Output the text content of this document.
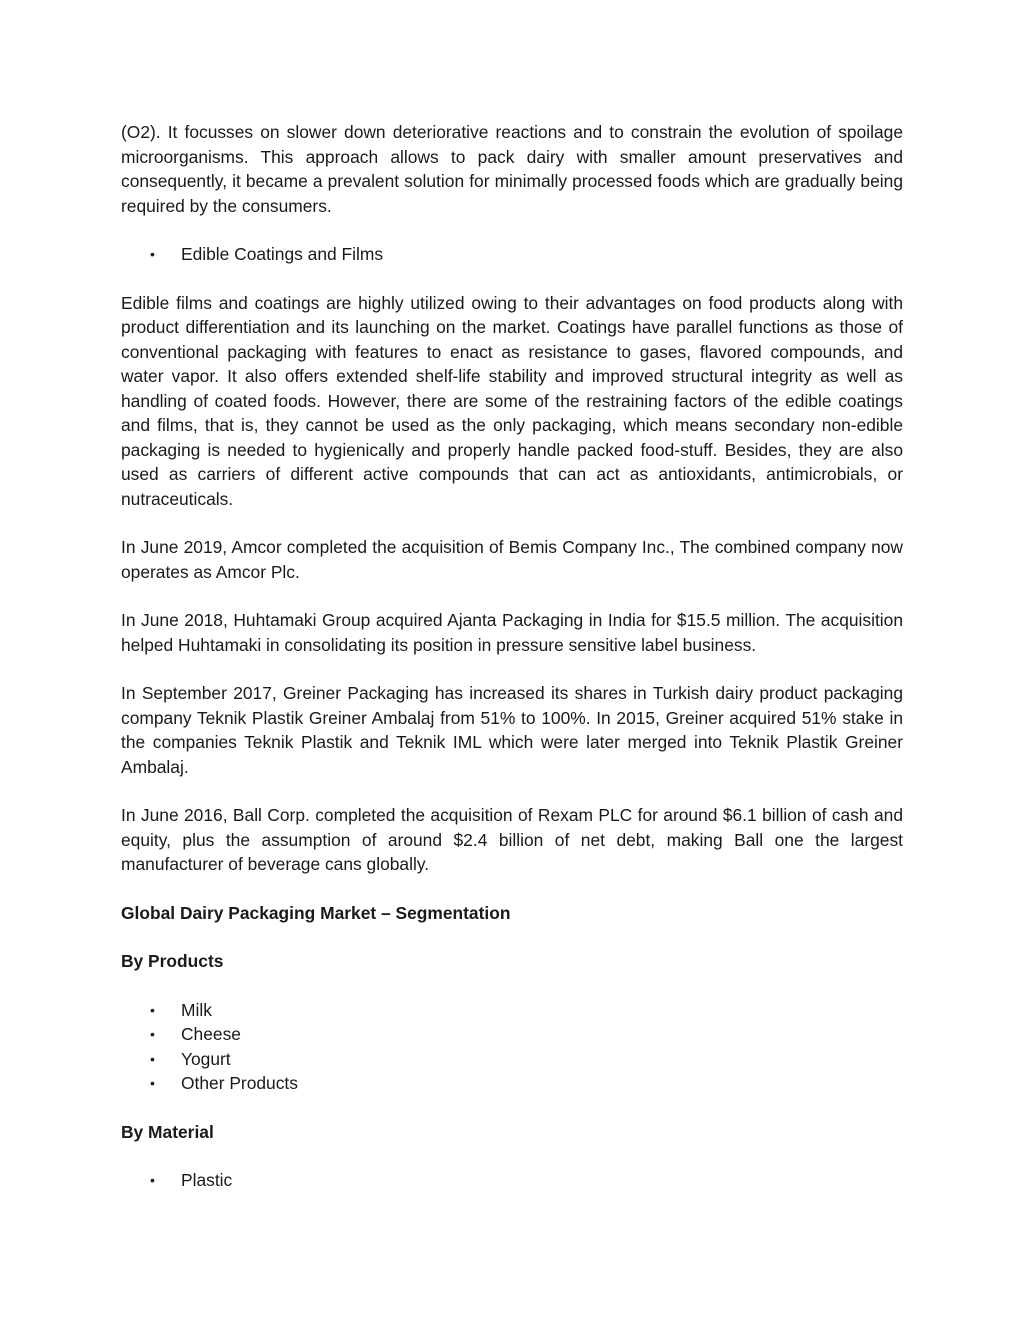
(O2). It focusses on slower down deteriorative reactions and to constrain the evolution of spoilage microorganisms. This approach allows to pack dairy with smaller amount preservatives and consequently, it became a prevalent solution for minimally processed foods which are gradually being required by the consumers.

• Edible Coatings and Films

Edible films and coatings are highly utilized owing to their advantages on food products along with product differentiation and its launching on the market. Coatings have parallel functions as those of conventional packaging with features to enact as resistance to gases, flavored compounds, and water vapor. It also offers extended shelf-life stability and improved structural integrity as well as handling of coated foods. However, there are some of the restraining factors of the edible coatings and films, that is, they cannot be used as the only packaging, which means secondary non-edible packaging is needed to hygienically and properly handle packed food-stuff. Besides, they are also used as carriers of different active compounds that can act as antioxidants, antimicrobials, or nutraceuticals.

In June 2019, Amcor completed the acquisition of Bemis Company Inc., The combined company now operates as Amcor Plc.

In June 2018, Huhtamaki Group acquired Ajanta Packaging in India for $15.5 million. The acquisition helped Huhtamaki in consolidating its position in pressure sensitive label business.

In September 2017, Greiner Packaging has increased its shares in Turkish dairy product packaging company Teknik Plastik Greiner Ambalaj from 51% to 100%. In 2015, Greiner acquired 51% stake in the companies Teknik Plastik and Teknik IML which were later merged into Teknik Plastik Greiner Ambalaj.

In June 2016, Ball Corp. completed the acquisition of Rexam PLC for around $6.1 billion of cash and equity, plus the assumption of around $2.4 billion of net debt, making Ball one the largest manufacturer of beverage cans globally.

Global Dairy Packaging Market – Segmentation
By Products
• Milk
• Cheese
• Yogurt
• Other Products
By Material
• Plastic
